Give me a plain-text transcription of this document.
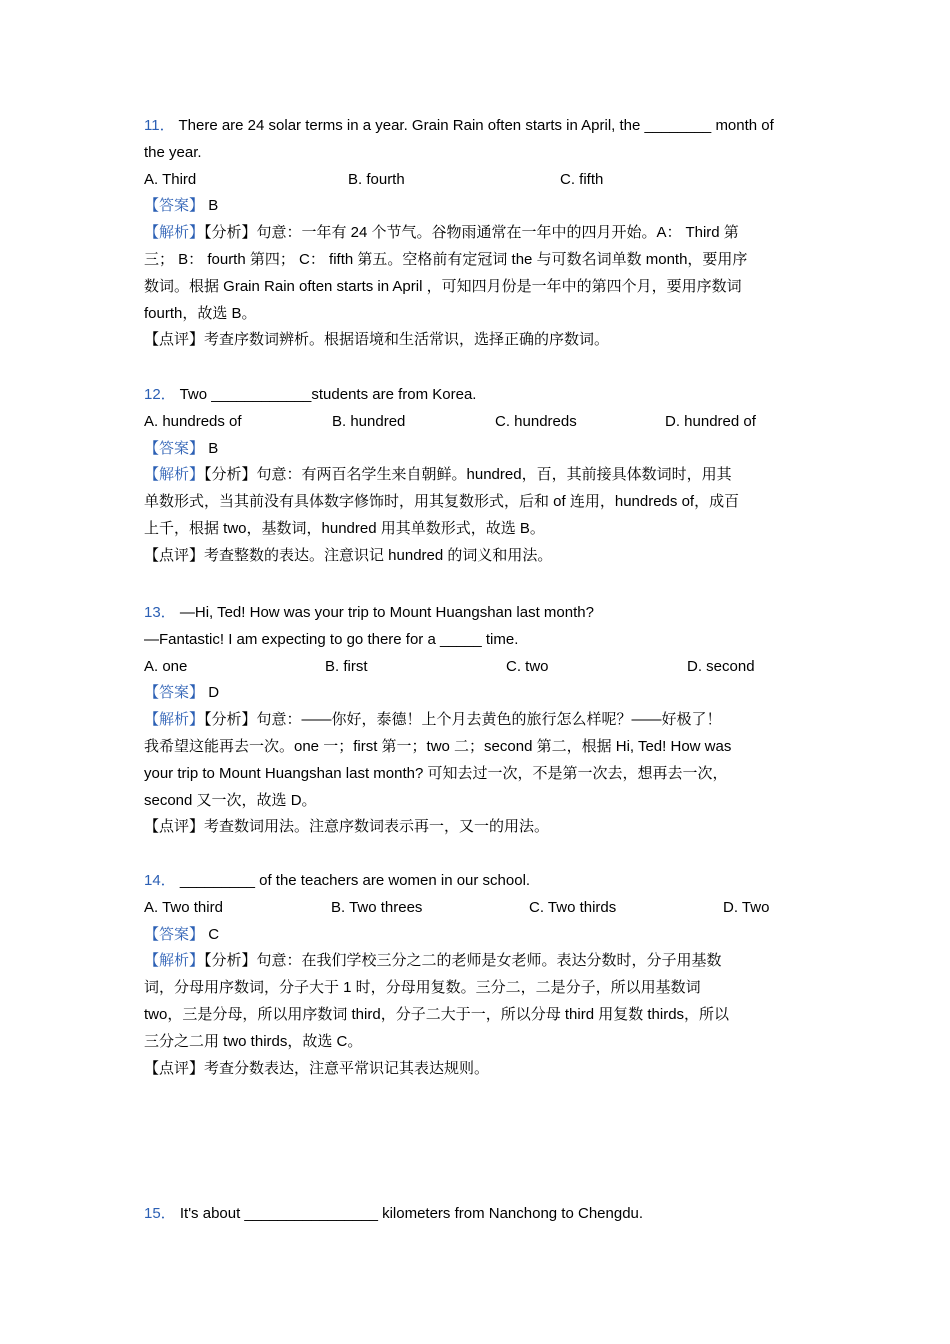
11． There are 24 solar terms in a year. Grain Rain often starts in April, the ________ month of
the year.
A. Third	B. fourth	C. fifth
【答案】 B
【解析】【分析】句意：一年有 24 个节气。谷物雨通常在一年中的四月开始。A： Third 第
三； B： fourth 第四； C： fifth 第五。空格前有定冠词 the 与可数名词单数 month，要用序
数词。根据 Grain Rain often starts in April ，可知四月份是一年中的第四个月，要用序数词
fourth，故选 B。
【点评】考查序数词辨析。根据语境和生活常识，选择正确的序数词。
12． Two ____________students are from Korea.
A. hundreds of	B. hundred	C. hundreds	D. hundred of
【答案】 B
【解析】【分析】句意：有两百名学生来自朝鲜。hundred，百，其前接具体数词时，用其
单数形式，当其前没有具体数字修饰时，用其复数形式，后和 of 连用，hundreds of，成百
上千，根据 two，基数词，hundred 用其单数形式，故选 B。
【点评】考查整数的表达。注意识记 hundred 的词义和用法。
13． —Hi, Ted! How was your trip to Mount Huangshan last month?
—Fantastic! I am expecting to go there for a _____ time.
A. one	B. first	C. two	D. second
【答案】 D
【解析】【分析】句意：——你好，泰德！上个月去黄色的旅行怎么样呢？——好极了！
我希望这能再去一次。one 一；first 第一；two 二；second 第二，根据 Hi, Ted! How was
your trip to Mount Huangshan last month? 可知去过一次，不是第一次去，想再去一次，
second 又一次，故选 D。
【点评】考查数词用法。注意序数词表示再一，又一的用法。
14． _________ of the teachers are women in our school.
A. Two third	B. Two threes	C. Two thirds	D. Two
【答案】 C
【解析】【分析】句意：在我们学校三分之二的老师是女老师。表达分数时，分子用基数
词，分母用序数词，分子大于 1 时，分母用复数。三分二，二是分子，所以用基数词
two，三是分母，所以用序数词 third，分子二大于一，所以分母 third 用复数 thirds，所以
三分之二用 two thirds，故选 C。
【点评】考查分数表达，注意平常识记其表达规则。
15． It's about ________________ kilometers from Nanchong to Chengdu.
